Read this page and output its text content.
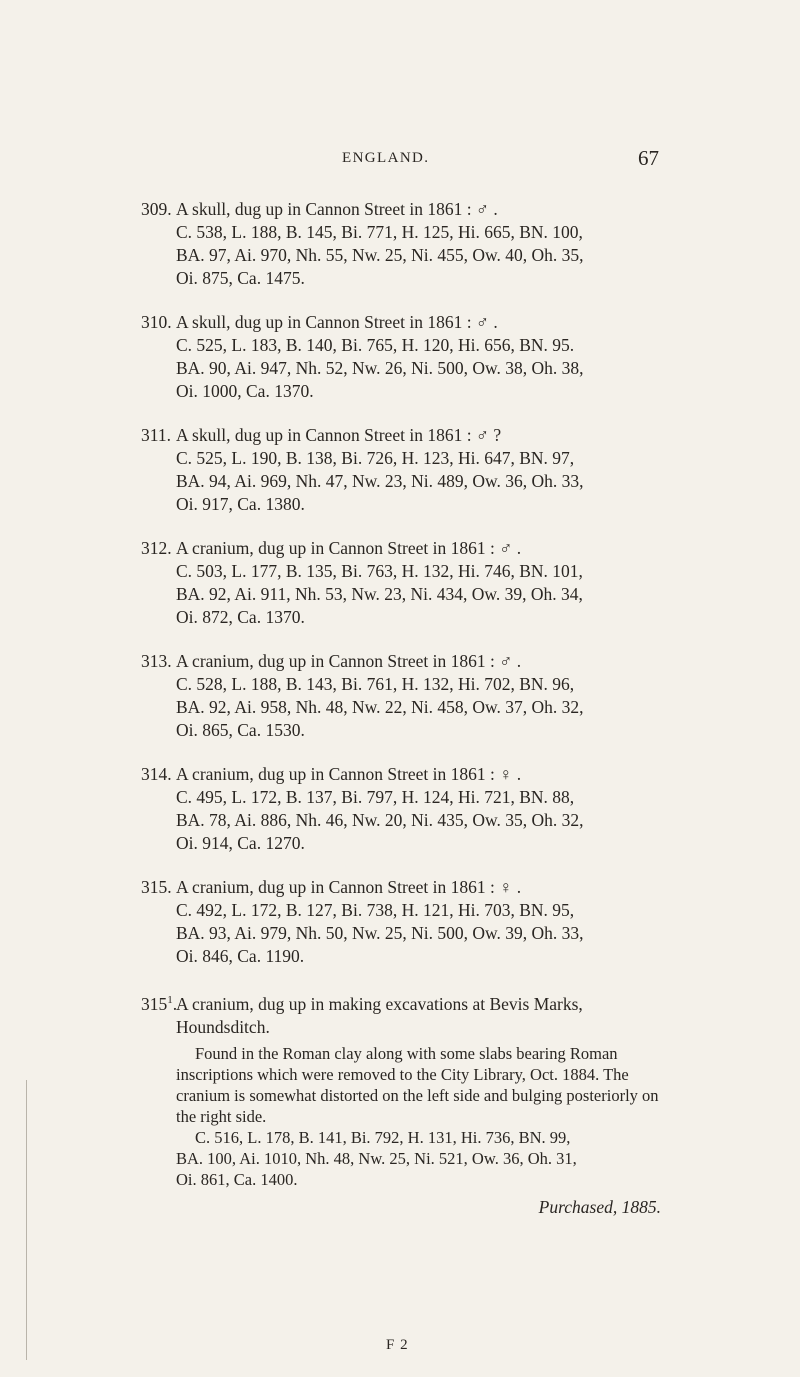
ENGLAND.	67
309. A skull, dug up in Cannon Street in 1861 : ♂ .
C. 538, L. 188, B. 145, Bi. 771, H. 125, Hi. 665, BN. 100,
BA. 97, Ai. 970, Nh. 55, Nw. 25, Ni. 455, Ow. 40, Oh. 35,
Oi. 875, Ca. 1475.
310. A skull, dug up in Cannon Street in 1861 : ♂ .
C. 525, L. 183, B. 140, Bi. 765, H. 120, Hi. 656, BN. 95.
BA. 90, Ai. 947, Nh. 52, Nw. 26, Ni. 500, Ow. 38, Oh. 38,
Oi. 1000, Ca. 1370.
311. A skull, dug up in Cannon Street in 1861 : ♂ ?
C. 525, L. 190, B. 138, Bi. 726, H. 123, Hi. 647, BN. 97,
BA. 94, Ai. 969, Nh. 47, Nw. 23, Ni. 489, Ow. 36, Oh. 33,
Oi. 917, Ca. 1380.
312. A cranium, dug up in Cannon Street in 1861 : ♂ .
C. 503, L. 177, B. 135, Bi. 763, H. 132, Hi. 746, BN. 101,
BA. 92, Ai. 911, Nh. 53, Nw. 23, Ni. 434, Ow. 39, Oh. 34,
Oi. 872, Ca. 1370.
313. A cranium, dug up in Cannon Street in 1861 : ♂ .
C. 528, L. 188, B. 143, Bi. 761, H. 132, Hi. 702, BN. 96,
BA. 92, Ai. 958, Nh. 48, Nw. 22, Ni. 458, Ow. 37, Oh. 32,
Oi. 865, Ca. 1530.
314. A cranium, dug up in Cannon Street in 1861 : ♀ .
C. 495, L. 172, B. 137, Bi. 797, H. 124, Hi. 721, BN. 88,
BA. 78, Ai. 886, Nh. 46, Nw. 20, Ni. 435, Ow. 35, Oh. 32,
Oi. 914, Ca. 1270.
315. A cranium, dug up in Cannon Street in 1861 : ♀ .
C. 492, L. 172, B. 127, Bi. 738, H. 121, Hi. 703, BN. 95,
BA. 93, Ai. 979, Nh. 50, Nw. 25, Ni. 500, Ow. 39, Oh. 33,
Oi. 846, Ca. 1190.
$315^1.A$ cranium, dug up in making excavations at Bevis Marks,
Houndsditch.
Found in the Roman clay along with some slabs bearing Roman inscriptions which were removed to the City Library, Oct. 1884. The cranium is somewhat distorted on the left side and bulging posteriorly on the right side.
C. 516, L. 178, B. 141, Bi. 792, H. 131, Hi. 736, BN. 99,
BA. 100, Ai. 1010, Nh. 48, Nw. 25, Ni. 521, Ow. 36, Oh. 31,
Oi. 861, Ca. 1400.
Purchased, 1885.
F 2
